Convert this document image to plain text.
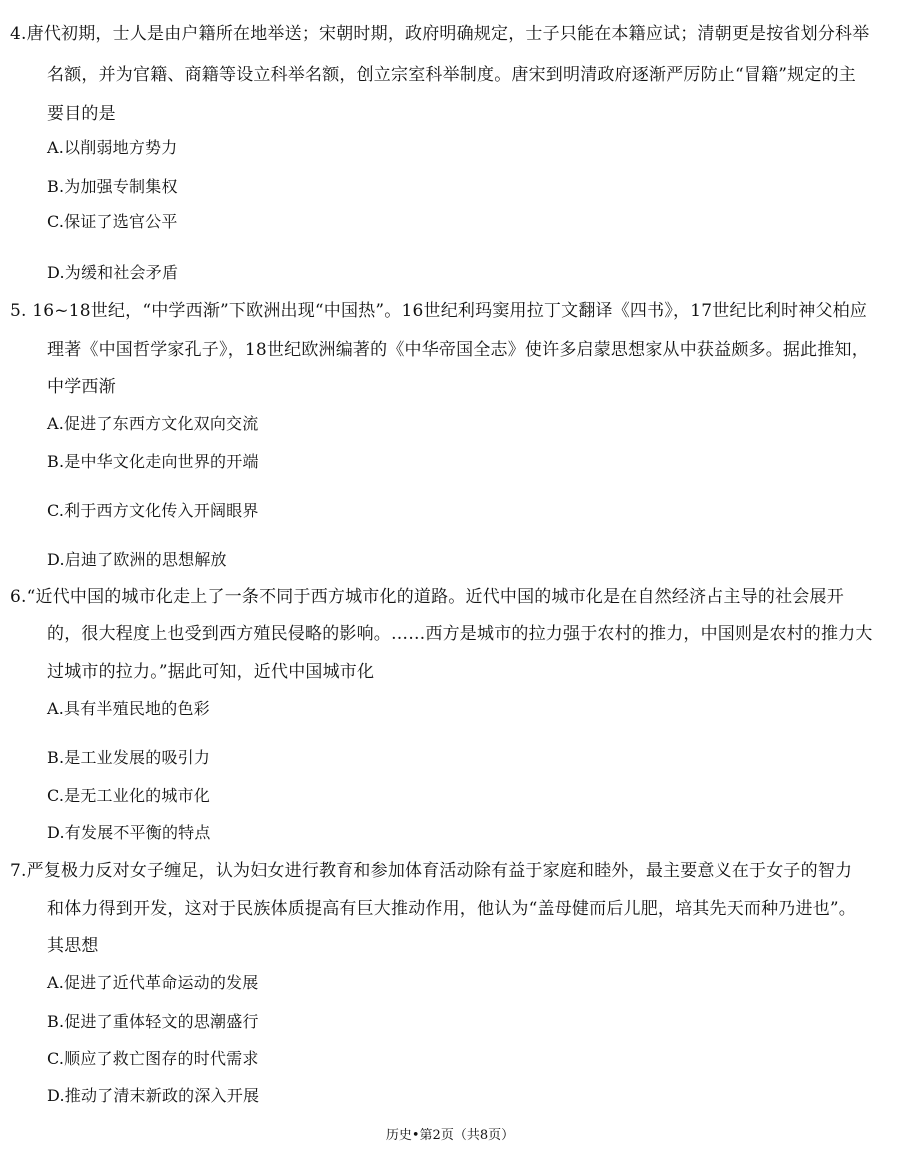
4.唐代初期，士人是由户籍所在地举送；宋朝时期，政府明确规定，士子只能在本籍应试；清朝更是按省划分科举
名额，并为官籍、商籍等设立科举名额，创立宗室科举制度。唐宋到明清政府逐渐严厉防止“冒籍”规定的主
要目的是
A.以削弱地方势力
B.为加强专制集权
C.保证了选官公平
D.为缓和社会矛盾
5. 16~18世纪，“中学西渐”下欧洲出现“中国热”。16世纪利玛窦用拉丁文翻译《四书》，17世纪比利时神父柏应
理著《中国哲学家孔子》，18世纪欧洲编著的《中华帝国全志》使许多启蒙思想家从中获益颇多。据此推知，
中学西渐
A.促进了东西方文化双向交流
B.是中华文化走向世界的开端
C.利于西方文化传入开阔眼界
D.启迪了欧洲的思想解放
6.“近代中国的城市化走上了一条不同于西方城市化的道路。近代中国的城市化是在自然经济占主导的社会展开
的，很大程度上也受到西方殖民侵略的影响。……西方是城市的拉力强于农村的推力，中国则是农村的推力大
过城市的拉力。”据此可知，近代中国城市化
A.具有半殖民地的色彩
B.是工业发展的吸引力
C.是无工业化的城市化
D.有发展不平衡的特点
7.严复极力反对女子缠足，认为妇女进行教育和参加体育活动除有益于家庭和睦外，最主要意义在于女子的智力
和体力得到开发，这对于民族体质提高有巨大推动作用，他认为“盖母健而后儿肥，培其先天而种乃进也”。
其思想
A.促进了近代革命运动的发展
B.促进了重体轻文的思潮盛行
C.顺应了救亡图存的时代需求
D.推动了清末新政的深入开展
历史•第2页（共8页）
